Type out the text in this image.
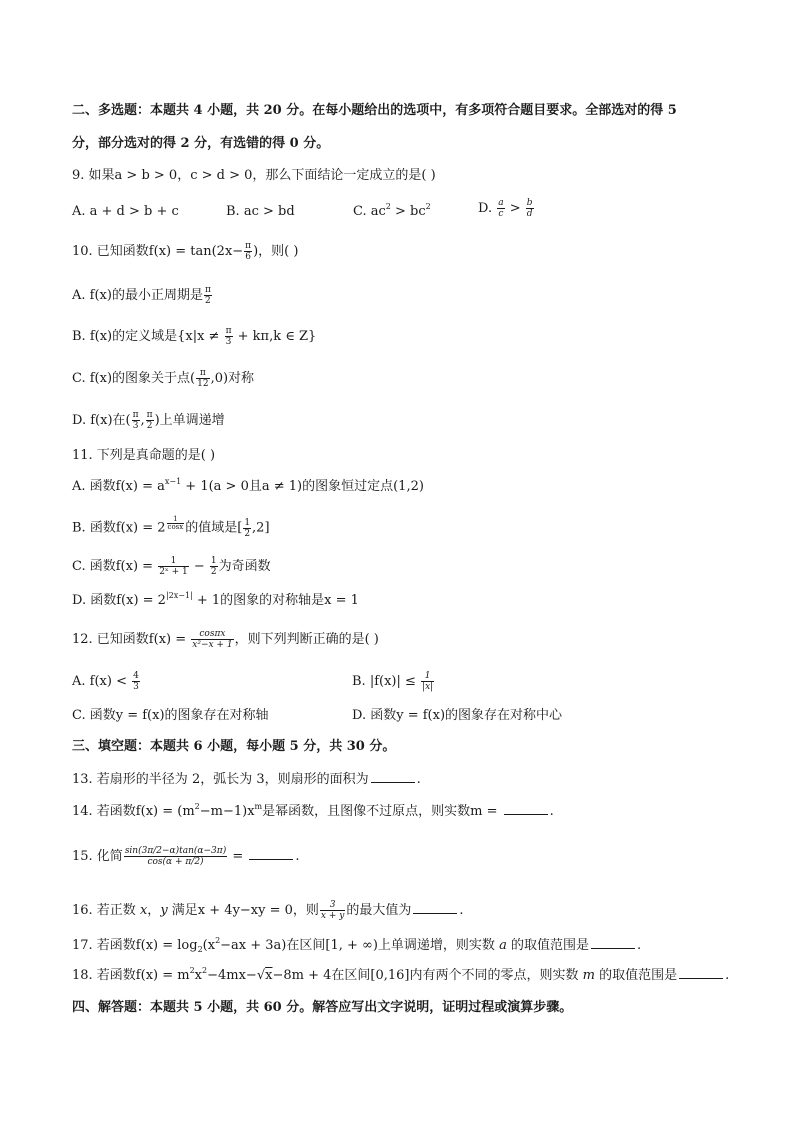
二、多选题：本题共 4 小题，共 20 分。在每小题给出的选项中，有多项符合题目要求。全部选对的得 5
分，部分选对的得 2 分，有选错的得 0 分。
9. 如果a > b > 0，c > d > 0，那么下面结论一定成立的是( )
A. a + d > b + c	B. ac > bd	C. $ac^2 > bc^2$	D. $\frac{a}{c} > \frac{b}{d}$
10. 已知函数$f(x) = \tan(2x- \frac{\pi}{6}$ )，则( )
A. f(x)的最小正周期是 $\frac{\pi}{2}$
B. f(x)的定义域是{$x|x \ne \frac{\pi}{3} + k\pi,k$ ∈ Z}
C. f(x)的图象关于点( $\frac{\pi}{12} ,0$)对称
D. f(x)在( $\frac{\pi}{3}$ , $\frac{\pi}{2}$ )上单调递增
11. 下列是真命题的是( )
A. 函数$f(x) = a^{x-1} + 1(a > 0$且a ≠ 1)的图象恒过定点(1,2)
B. 函数f(x) = 2 $^{\frac{1}{\cos x}}$ 的值域是[ $\frac{1}{2} ,2$]
C. 函数$f(x) = \frac{1}{\text{2ˣ + 1}} - \frac{1}{2}$ 为奇函数
D. 函数$f(x) = 2^{|2x-1|} + 1$的图象的对称轴是x = 1
12. 已知函数$f(x) = \frac{\cos\pi x}{\text{x²−x + 1}}$ ，则下列判断正确的是( )
A. $f(x) < \frac{4}{3}$	B. $|f(x)| \le \frac{1}{|x|}$
C. 函数y = f(x)的图象存在对称轴	D. 函数y = f(x)的图象存在对称中心
三、填空题：本题共 6 小题，每小题 5 分，共 30 分。
13. 若扇形的半径为 2，弧长为 3，则扇形的面积为	.
14. 若函数$f(x) = (m^2-m-1)x^m$是幂函数，且图像不过原点，则实数m =	.
15. 化简 $\frac{\sin(3\pi/2-\alpha)\tan(\alpha-3\pi)}{\cos(\alpha + \pi/2)}$ =	.
16. 若正数 x，y 满足x + 4y−xy = 0，则 $\frac{3}{x + y}$ 的最大值为	.
17. 若函数$f(x) = \log_2(x^2-ax + 3a)$在区间[1, + ∞)上单调递增，则实数 a 的取值范围是	.
18. 若函数$f(x) = m^2x^2-4mx-√x-8m + 4$在区间[0,16]内有两个不同的零点，则实数 m 的取值范围是	.
四、解答题：本题共 5 小题，共 60 分。解答应写出文字说明，证明过程或演算步骤。
